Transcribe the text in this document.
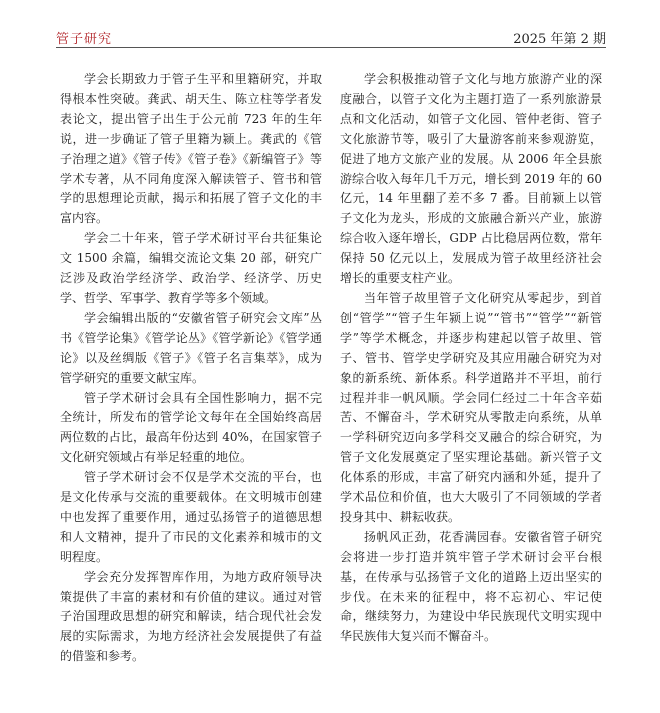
管子研究	2025 年第 2 期

学会长期致力于管子生平和里籍研究，并取得根本性突破。龚武、胡天生、陈立柱等学者发表论文，提出管子出生于公元前 723 年的生年说，进一步确证了管子里籍为颍上。龚武的《管子治理之道》《管子传》《管子卷》《新编管子》等学术专著，从不同角度深入解读管子、管书和管学的思想理论贡献，揭示和拓展了管子文化的丰富内容。

学会二十年来，管子学术研讨平台共征集论文 1500 余篇，编辑交流论文集 20 部，研究广泛涉及政治学经济学、政治学、经济学、历史学、哲学、军事学、教育学等多个领域。

学会编辑出版的“安徽省管子研究会文库”丛书《管学论集》《管学论丛》《管学新论》《管学通论》以及丝绸版《管子》《管子名言集萃》，成为管学研究的重要文献宝库。

管子学术研讨会具有全国性影响力，据不完全统计，所发布的管学论文每年在全国始终高居两位数的占比，最高年份达到 40%，在国家管子文化研究领域占有举足轻重的地位。

管子学术研讨会不仅是学术交流的平台，也是文化传承与交流的重要载体。在文明城市创建中也发挥了重要作用，通过弘扬管子的道德思想和人文精神，提升了市民的文化素养和城市的文明程度。

学会充分发挥智库作用，为地方政府领导决策提供了丰富的素材和有价值的建议。通过对管子治国理政思想的研究和解读，结合现代社会发展的实际需求，为地方经济社会发展提供了有益的借鉴和参考。

学会积极推动管子文化与地方旅游产业的深度融合，以管子文化为主题打造了一系列旅游景点和文化活动，如管子文化园、管仲老街、管子文化旅游节等，吸引了大量游客前来参观游览，促进了地方文旅产业的发展。从 2006 年全县旅游综合收入每年几千万元，增长到 2019 年的 60 亿元，14 年里翻了差不多 7 番。目前颍上以管子文化为龙头，形成的文旅融合新兴产业，旅游综合收入逐年增长，GDP 占比稳居两位数，常年保持 50 亿元以上，发展成为管子故里经济社会增长的重要支柱产业。

当年管子故里管子文化研究从零起步，到首创“管学”“管子生年颍上说”“管书”“管学”“新管学”等学术概念，并逐步构建起以管子故里、管子、管书、管学史学研究及其应用融合研究为对象的新系统、新体系。科学道路并不平坦，前行过程并非一帆风顺。学会同仁经过二十年含辛茹苦、不懈奋斗，学术研究从零散走向系统，从单一学科研究迈向多学科交叉融合的综合研究，为管子文化发展奠定了坚实理论基础。新兴管子文化体系的形成，丰富了研究内涵和外延，提升了学术品位和价值，也大大吸引了不同领域的学者投身其中、耕耘收获。

扬帆风正劲，花香满园春。安徽省管子研究会将进一步打造并筑牢管子学术研讨会平台根基，在传承与弘扬管子文化的道路上迈出坚实的步伐。在未来的征程中，将不忘初心、牢记使命，继续努力，为建设中华民族现代文明实现中华民族伟大复兴而不懈奋斗。
